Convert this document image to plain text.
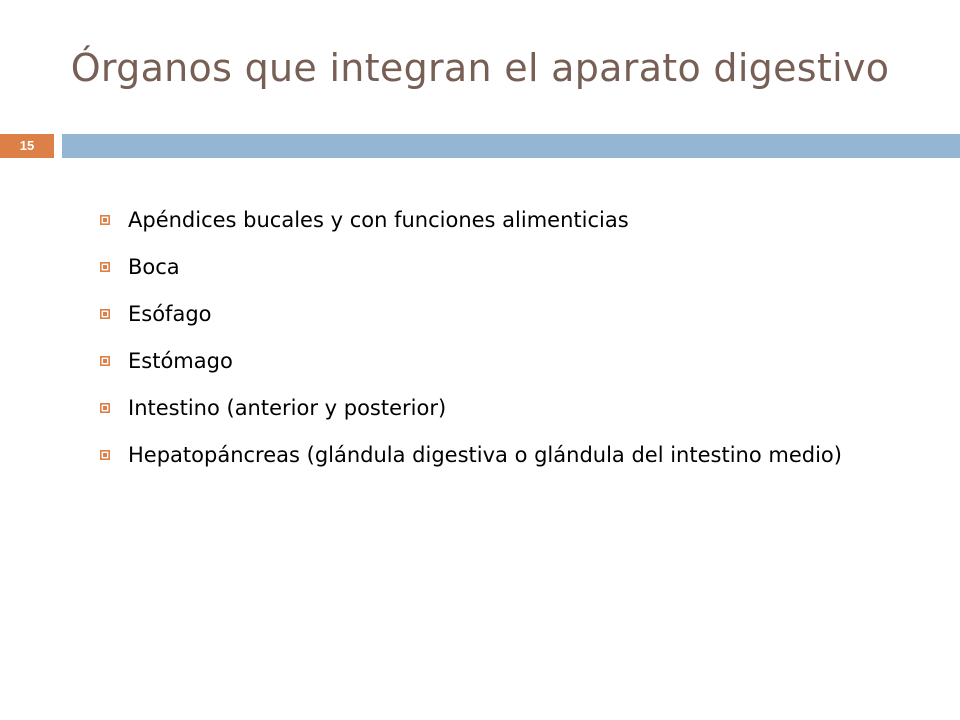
Órganos que integran el aparato digestivo
15
Apéndices bucales y con funciones alimenticias
Boca
Esófago
Estómago
Intestino (anterior y posterior)
Hepatopáncreas (glándula digestiva o glándula del intestino medio)
